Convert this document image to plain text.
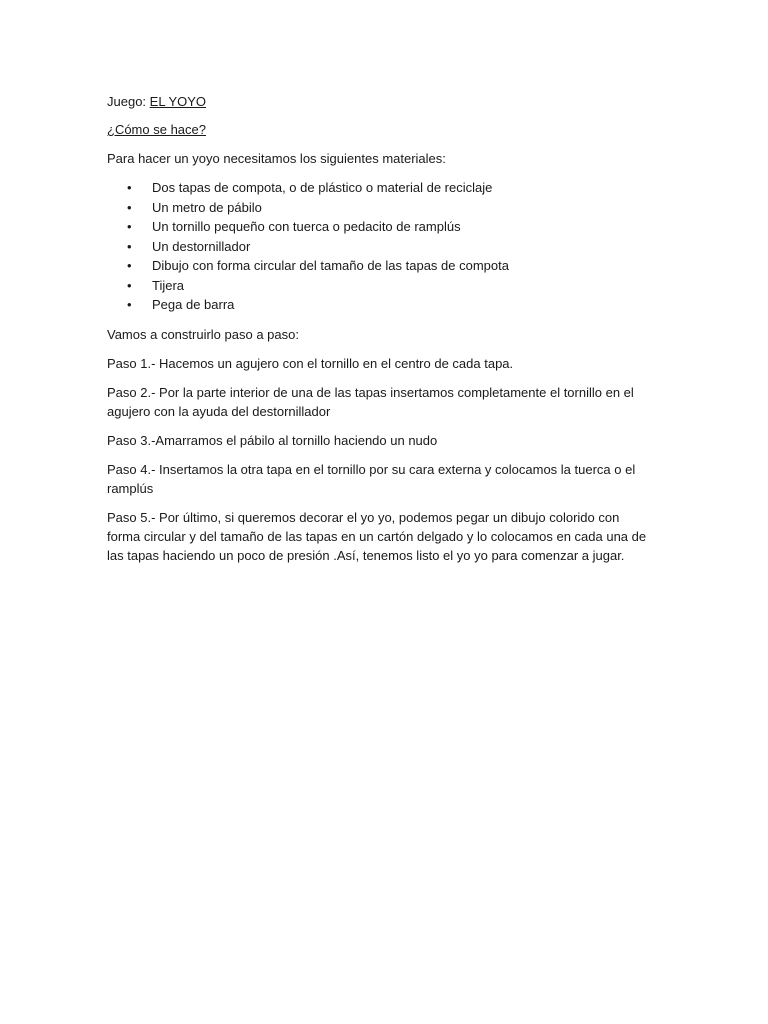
Juego: EL YOYO

¿Cómo se hace?

Para hacer un yoyo necesitamos los siguientes materiales:

• Dos tapas de compota, o de plástico o material de reciclaje
• Un metro de pábilo
• Un tornillo pequeño con tuerca o pedacito de ramplús
• Un destornillador
• Dibujo con forma circular del tamaño de las tapas de compota
• Tijera
• Pega de barra

Vamos a construirlo paso a paso:

Paso 1.- Hacemos un agujero con el tornillo en el centro de cada tapa.

Paso 2.- Por la parte interior de una de las tapas insertamos completamente el tornillo en el agujero con la ayuda del destornillador

Paso 3.-Amarramos el pábilo al tornillo haciendo un nudo

Paso 4.- Insertamos la otra tapa en el tornillo por su cara externa y colocamos la tuerca o el ramplús

Paso 5.- Por último, si queremos decorar el yo yo, podemos pegar un dibujo colorido con forma circular y del tamaño de las tapas en un cartón delgado y lo colocamos en cada una de las tapas haciendo un poco de presión .Así, tenemos listo el yo yo para comenzar a jugar.
